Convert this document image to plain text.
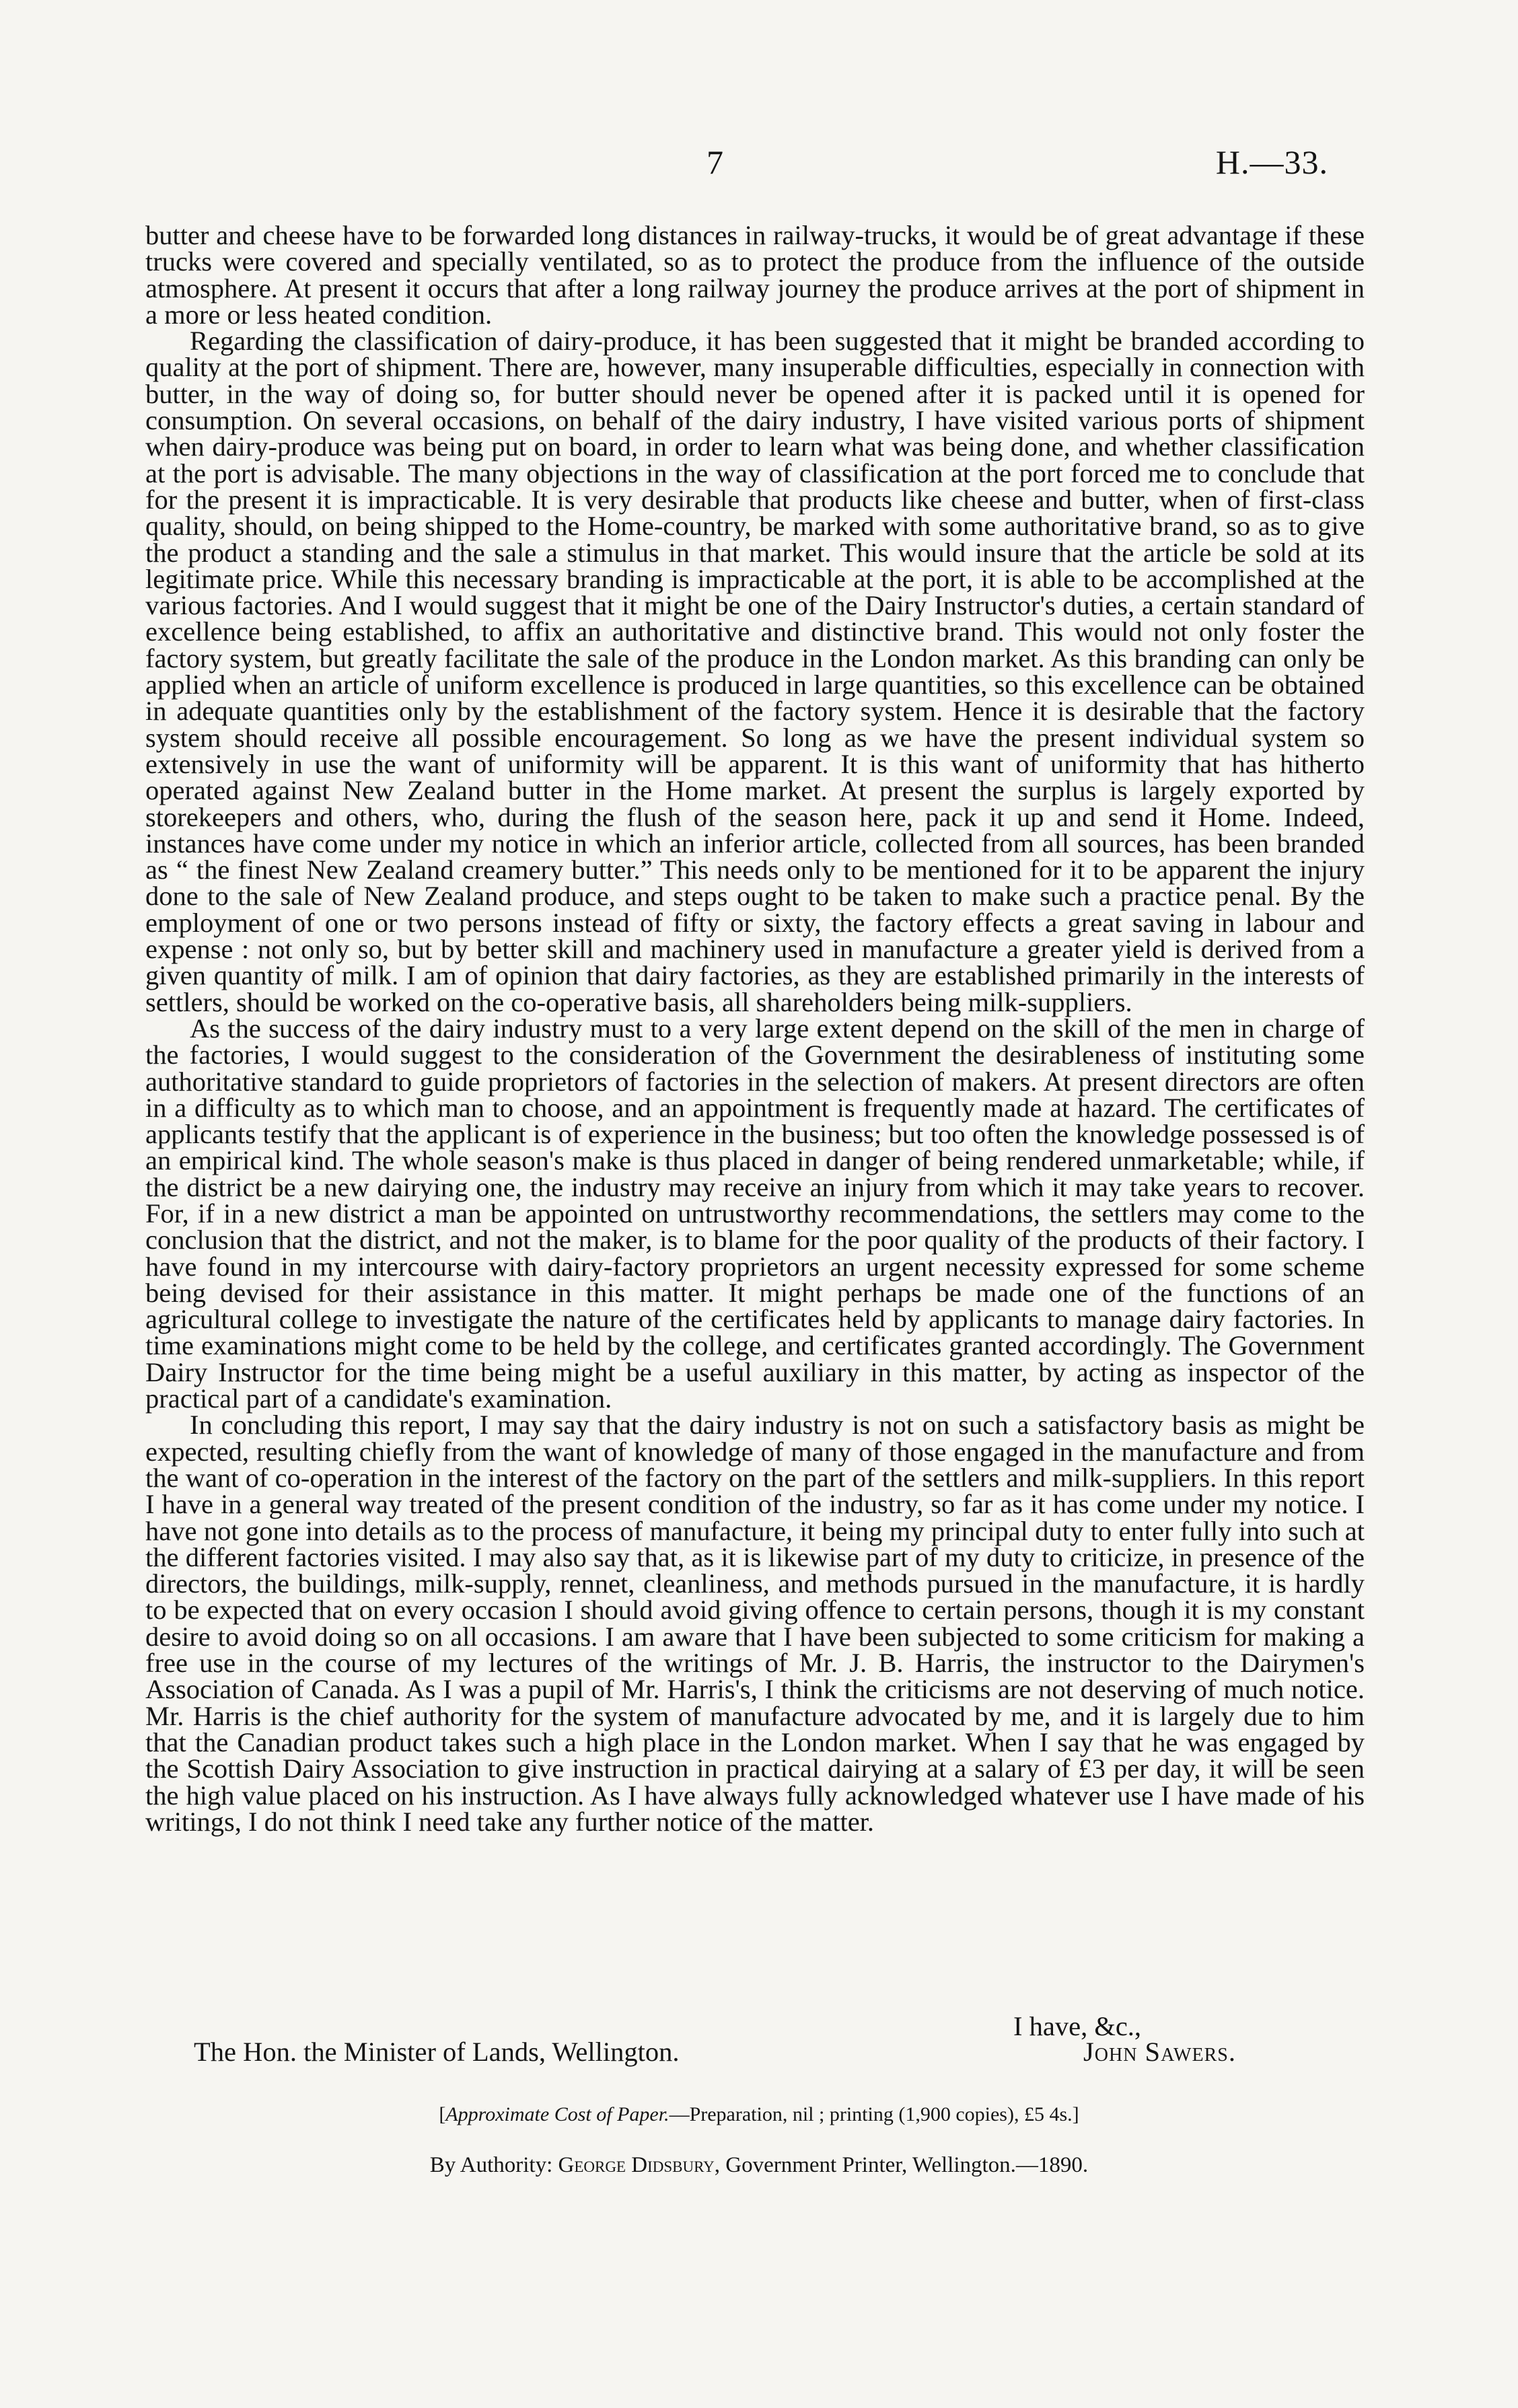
7	H.—33.

butter and cheese have to be forwarded long distances in railway-trucks, it would be of great advantage if these trucks were covered and specially ventilated, so as to protect the produce from the influence of the outside atmosphere. At present it occurs that after a long railway journey the produce arrives at the port of shipment in a more or less heated condition.

Regarding the classification of dairy-produce, it has been suggested that it might be branded according to quality at the port of shipment. There are, however, many insuperable difficulties, especially in connection with butter, in the way of doing so, for butter should never be opened after it is packed until it is opened for consumption. On several occasions, on behalf of the dairy industry, I have visited various ports of shipment when dairy-produce was being put on board, in order to learn what was being done, and whether classification at the port is advisable. The many objections in the way of classification at the port forced me to conclude that for the present it is impracticable. It is very desirable that products like cheese and butter, when of first-class quality, should, on being shipped to the Home-country, be marked with some authoritative brand, so as to give the product a standing and the sale a stimulus in that market. This would insure that the article be sold at its legitimate price. While this necessary branding is impracticable at the port, it is able to be accomplished at the various factories. And I would suggest that it might be one of the Dairy Instructor's duties, a certain standard of excellence being established, to affix an authoritative and distinctive brand. This would not only foster the factory system, but greatly facilitate the sale of the produce in the London market. As this branding can only be applied when an article of uniform excellence is produced in large quantities, so this excellence can be obtained in adequate quantities only by the establishment of the factory system. Hence it is desirable that the factory system should receive all possible encouragement. So long as we have the present individual system so extensively in use the want of uniformity will be apparent. It is this want of uniformity that has hitherto operated against New Zealand butter in the Home market. At present the surplus is largely exported by storekeepers and others, who, during the flush of the season here, pack it up and send it Home. Indeed, instances have come under my notice in which an inferior article, collected from all sources, has been branded as “ the finest New Zealand creamery butter.” This needs only to be mentioned for it to be apparent the injury done to the sale of New Zealand produce, and steps ought to be taken to make such a practice penal. By the employment of one or two persons instead of fifty or sixty, the factory effects a great saving in labour and expense : not only so, but by better skill and machinery used in manufacture a greater yield is derived from a given quantity of milk. I am of opinion that dairy factories, as they are established primarily in the interests of settlers, should be worked on the co-operative basis, all shareholders being milk-suppliers.

As the success of the dairy industry must to a very large extent depend on the skill of the men in charge of the factories, I would suggest to the consideration of the Government the desirableness of instituting some authoritative standard to guide proprietors of factories in the selection of makers. At present directors are often in a difficulty as to which man to choose, and an appointment is frequently made at hazard. The certificates of applicants testify that the applicant is of experience in the business; but too often the knowledge possessed is of an empirical kind. The whole season's make is thus placed in danger of being rendered unmarketable; while, if the district be a new dairying one, the industry may receive an injury from which it may take years to recover. For, if in a new district a man be appointed on untrustworthy recommendations, the settlers may come to the conclusion that the district, and not the maker, is to blame for the poor quality of the products of their factory. I have found in my intercourse with dairy-factory proprietors an urgent necessity expressed for some scheme being devised for their assistance in this matter. It might perhaps be made one of the functions of an agricultural college to investigate the nature of the certificates held by applicants to manage dairy factories. In time examinations might come to be held by the college, and certificates granted accordingly. The Government Dairy Instructor for the time being might be a useful auxiliary in this matter, by acting as inspector of the practical part of a candidate's examination.

In concluding this report, I may say that the dairy industry is not on such a satisfactory basis as might be expected, resulting chiefly from the want of knowledge of many of those engaged in the manufacture and from the want of co-operation in the interest of the factory on the part of the settlers and milk-suppliers. In this report I have in a general way treated of the present condition of the industry, so far as it has come under my notice. I have not gone into details as to the process of manufacture, it being my principal duty to enter fully into such at the different factories visited. I may also say that, as it is likewise part of my duty to criticize, in presence of the directors, the buildings, milk-supply, rennet, cleanliness, and methods pursued in the manufacture, it is hardly to be expected that on every occasion I should avoid giving offence to certain persons, though it is my constant desire to avoid doing so on all occasions. I am aware that I have been subjected to some criticism for making a free use in the course of my lectures of the writings of Mr. J. B. Harris, the instructor to the Dairymen's Association of Canada. As I was a pupil of Mr. Harris's, I think the criticisms are not deserving of much notice. Mr. Harris is the chief authority for the system of manufacture advocated by me, and it is largely due to him that the Canadian product takes such a high place in the London market. When I say that he was engaged by the Scottish Dairy Association to give instruction in practical dairying at a salary of £3 per day, it will be seen the high value placed on his instruction. As I have always fully acknowledged whatever use I have made of his writings, I do not think I need take any further notice of the matter.

I have, &c.,
The Hon. the Minister of Lands, Wellington.	John Sawers.
[Approximate Cost of Paper.—Preparation, nil ; printing (1,900 copies), £5 4s.]
By Authority: George Didsbury, Government Printer, Wellington.—1890.
